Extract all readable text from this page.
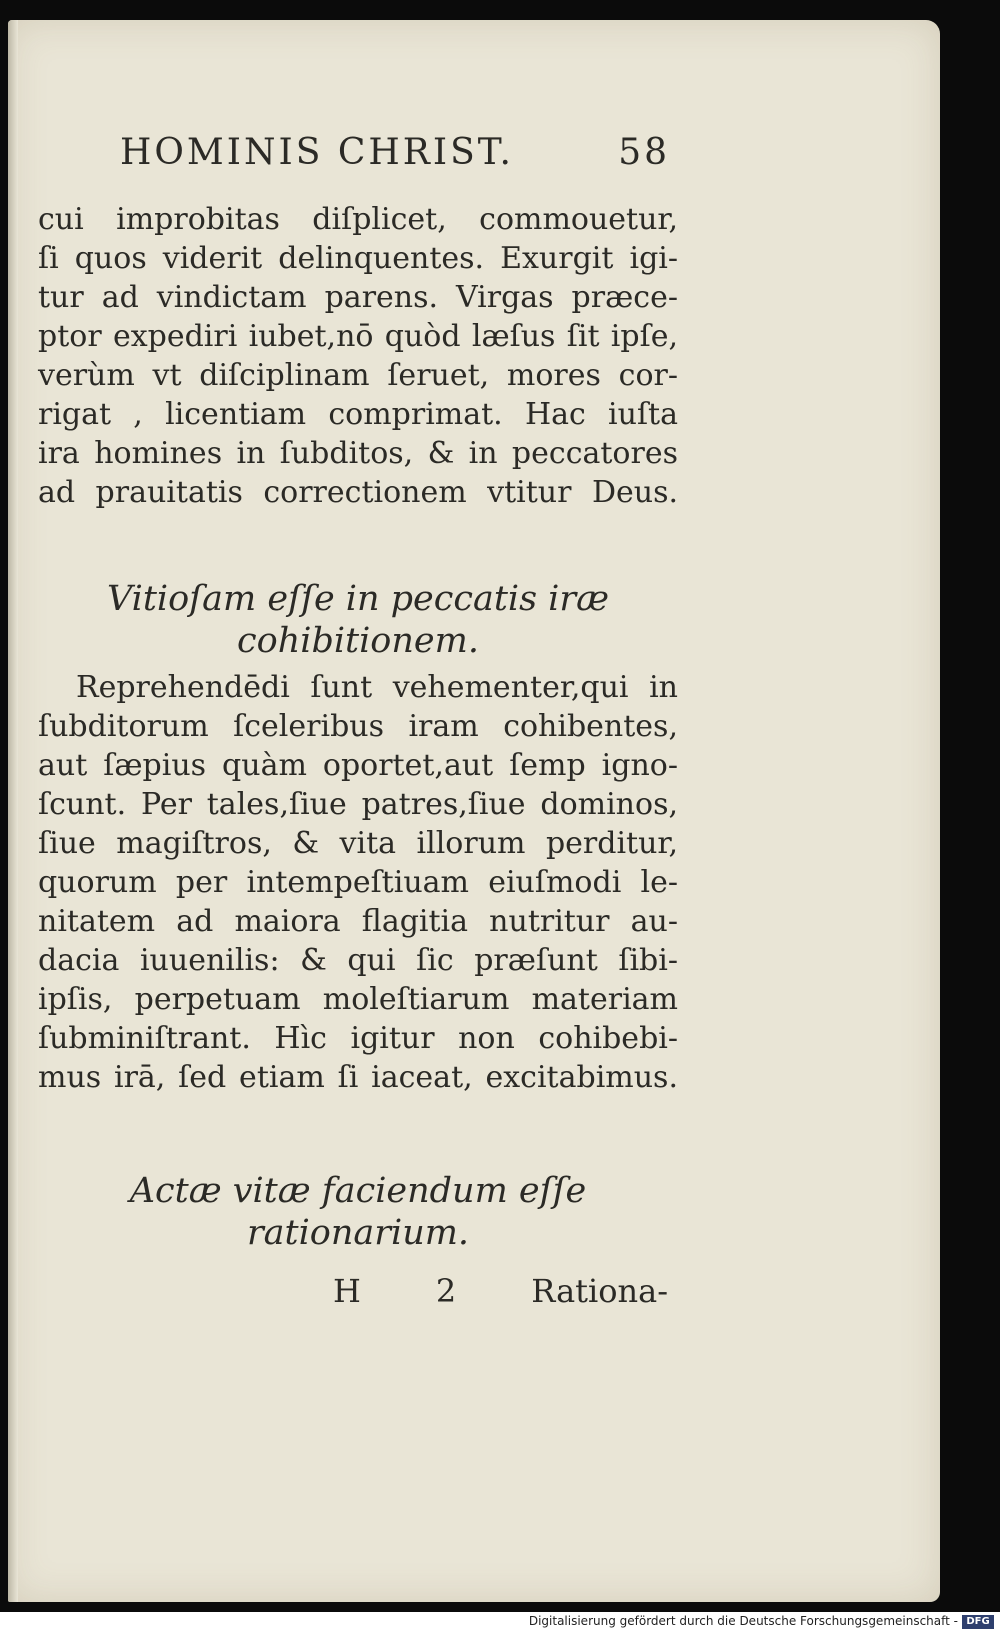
HOMINIS CHRIST.	58
cui improbitas diſplicet, commouetur,
ſi quos viderit delinquentes. Exurgit igi-
tur ad vindictam parens. Virgas præce-
ptor expediri iubet,nō quòd læſus ſit ipſe,
verùm vt diſciplinam ſeruet, mores cor-
rigat , licentiam comprimat. Hac iuſta
ira homines in ſubditos, & in peccatores
ad prauitatis correctionem vtitur Deus.
Vitioſam eſſe in peccatis iræ
cohibitionem.
Reprehendēdi ſunt vehementer,qui in
ſubditorum ſceleribus iram cohibentes,
aut ſæpius quàm oportet,aut ſemp igno-
ſcunt. Per tales,ſiue patres,ſiue dominos,
ſiue magiſtros, & vita illorum perditur,
quorum per intempeſtiuam eiuſmodi le-
nitatem ad maiora flagitia nutritur au-
dacia iuuenilis: & qui ſic præſunt ſibi-
ipſis, perpetuam moleſtiarum materiam
ſubminiſtrant. Hìc igitur non cohibebi-
mus irā, ſed etiam ſi iaceat, excitabimus.
Actæ vitæ faciendum eſſe
rationarium.
H 2 Rationa-
Digitalisierung gefördert durch die Deutsche Forschungsgemeinschaft - DFG
